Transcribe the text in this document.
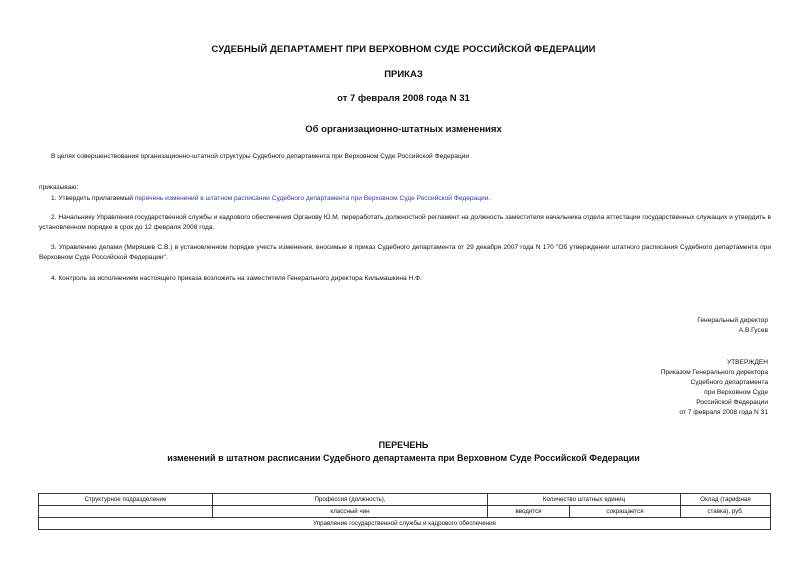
СУДЕБНЫЙ ДЕПАРТАМЕНТ ПРИ ВЕРХОВНОМ СУДЕ РОССИЙСКОЙ ФЕДЕРАЦИИ
ПРИКАЗ
от 7 февраля 2008 года N 31
Об организационно-штатных изменениях
В целях совершенствования организационно-штатной структуры Судебного департамента при Верховном Суде Российской Федерации
приказываю:
1. Утвердить прилагаемый перечень изменений в штатном расписании Судебного департамента при Верховном Суде Российской Федерации.
2. Начальнику Управления государственной службы и кадрового обеспечения Органову Ю.М. переработать должностной регламент на должность заместителя начальника отдела аттестации государственных служащих и утвердить в установленном порядке в срок до 12 февраля 2008 года.
3. Управлению делами (Миряшев С.В.) в установленном порядке учесть изменения, вносимые в приказ Судебного департамента от 29 декабря 2007 года N 170 "Об утверждении штатного расписания Судебного департамента при Верховном Суде Российской Федерации".
4. Контроль за исполнением настоящего приказа возложить на заместителя Генерального директора Кильмашкина Н.Ф.
Генеральный директор
А.В.Гусев
УТВЕРЖДЕН
Приказом Генерального директора
Судебного департамента
при Верховном Суде
Российской Федерации
от 7 февраля 2008 года N 31
ПЕРЕЧЕНЬ
изменений в штатном расписании Судебного департамента при Верховном Суде Российской Федерации
Структурное подразделение	Профессия (должность),	Количество штатных единиц		Оклад (тарифная

	классный чин	вводится	сокращается	ставка), руб.
Управление государственной службы и кадрового обеспечения				
